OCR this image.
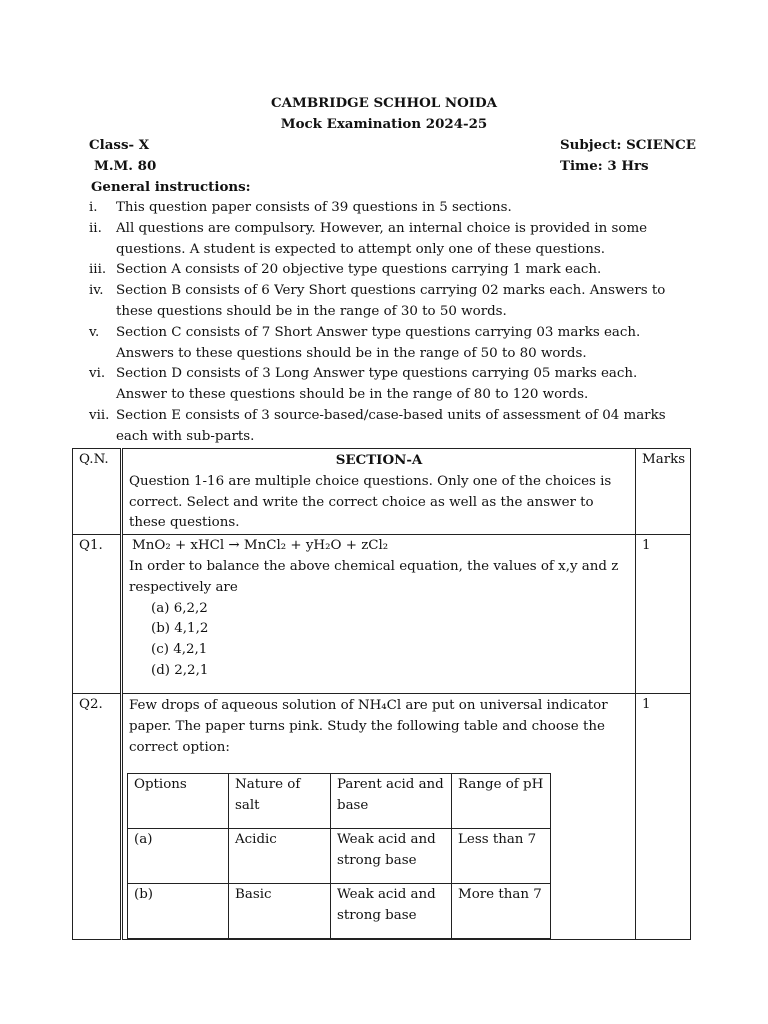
CAMBRIDGE SCHHOL NOIDA
Mock Examination 2024-25
Class- X	Subject: SCIENCE
M.M. 80	Time: 3 Hrs
General instructions:
i. This question paper consists of 39 questions in 5 sections.
ii. All questions are compulsory. However, an internal choice is provided in some questions. A student is expected to attempt only one of these questions.
iii. Section A consists of 20 objective type questions carrying 1 mark each.
iv. Section B consists of 6 Very Short questions carrying 02 marks each. Answers to these questions should be in the range of 30 to 50 words.
v. Section C consists of 7 Short Answer type questions carrying 03 marks each. Answers to these questions should be in the range of 50 to 80 words.
vi. Section D consists of 3 Long Answer type questions carrying 05 marks each. Answer to these questions should be in the range of 80 to 120 words.
vii. Section E consists of 3 source-based/case-based units of assessment of 04 marks each with sub-parts.
Q.N.	SECTION-A
Question 1-16 are multiple choice questions. Only one of the choices is correct. Select and write the correct choice as well as the answer to these questions.
	Marks
Q1.	MnO₂ + xHCl → MnCl₂ + yH₂O + zCl₂
In order to balance the above chemical equation, the values of x,y and z respectively are
(a) 6,2,2
(b) 4,1,2
(c) 4,2,1
(d) 2,2,1
	1
Q2.	Few drops of aqueous solution of NH₄Cl are put on universal indicator paper. The paper turns pink. Study the following table and choose the correct option:
Options	Nature of salt	Parent acid and base	Range of pH
(a)	Acidic	Weak acid and strong base	Less than 7
(b)	Basic	Weak acid and strong base	More than 7
	1
